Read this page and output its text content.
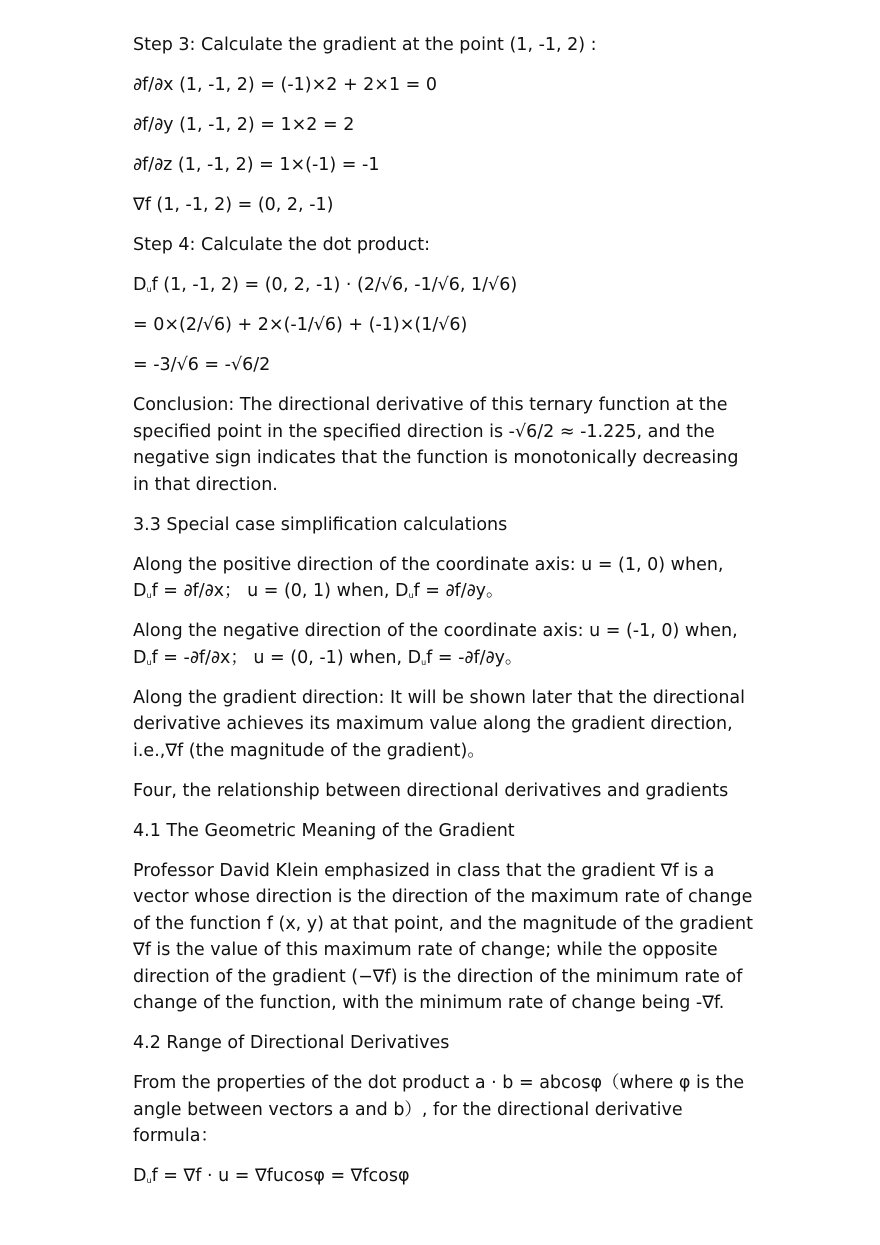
Step 3: Calculate the gradient at the point (1, -1, 2) :

∂f/∂x (1, -1, 2) = (-1)×2 + 2×1 = 0

∂f/∂y (1, -1, 2) = 1×2 = 2

∂f/∂z (1, -1, 2) = 1×(-1) = -1

∇f (1, -1, 2) = (0, 2, -1)

Step 4: Calculate the dot product:

$D_uf$ (1, -1, 2) = (0, 2, -1) · (2/√6, -1/√6, 1/√6)

= 0×(2/√6) + 2×(-1/√6) + (-1)×(1/√6)

= -3/√6 = -√6/2

Conclusion: The directional derivative of this ternary function at the specified point in the specified direction is -√6/2 ≈ -1.225, and the negative sign indicates that the function is monotonically decreasing in that direction.

3.3 Special case simplification calculations

Along the positive direction of the coordinate axis: u = (1, 0) when, $D_uf = \partial f/\partial x$； u = (0, 1) when, $D_uf = \partial f/\partial y$。

Along the negative direction of the coordinate axis: u = (-1, 0) when, $D_uf = -\partial f/\partial x$； u = (0, -1) when, $D_uf = -\partial f/\partial y$。

Along the gradient direction: It will be shown later that the directional derivative achieves its maximum value along the gradient direction, i.e.,∇f (the magnitude of the gradient)。

Four, the relationship between directional derivatives and gradients

4.1 The Geometric Meaning of the Gradient

Professor David Klein emphasized in class that the gradient ∇f is a vector whose direction is the direction of the maximum rate of change of the function f (x, y) at that point, and the magnitude of the gradient ∇f is the value of this maximum rate of change; while the opposite direction of the gradient (−∇f) is the direction of the minimum rate of change of the function, with the minimum rate of change being -∇f.

4.2 Range of Directional Derivatives

From the properties of the dot product a · b = abcosφ（where φ is the angle between vectors a and b）, for the directional derivative formula：

$D_uf = \nabla f \cdot u = \nabla fucos\varphi = \nabla fcos\varphi$
